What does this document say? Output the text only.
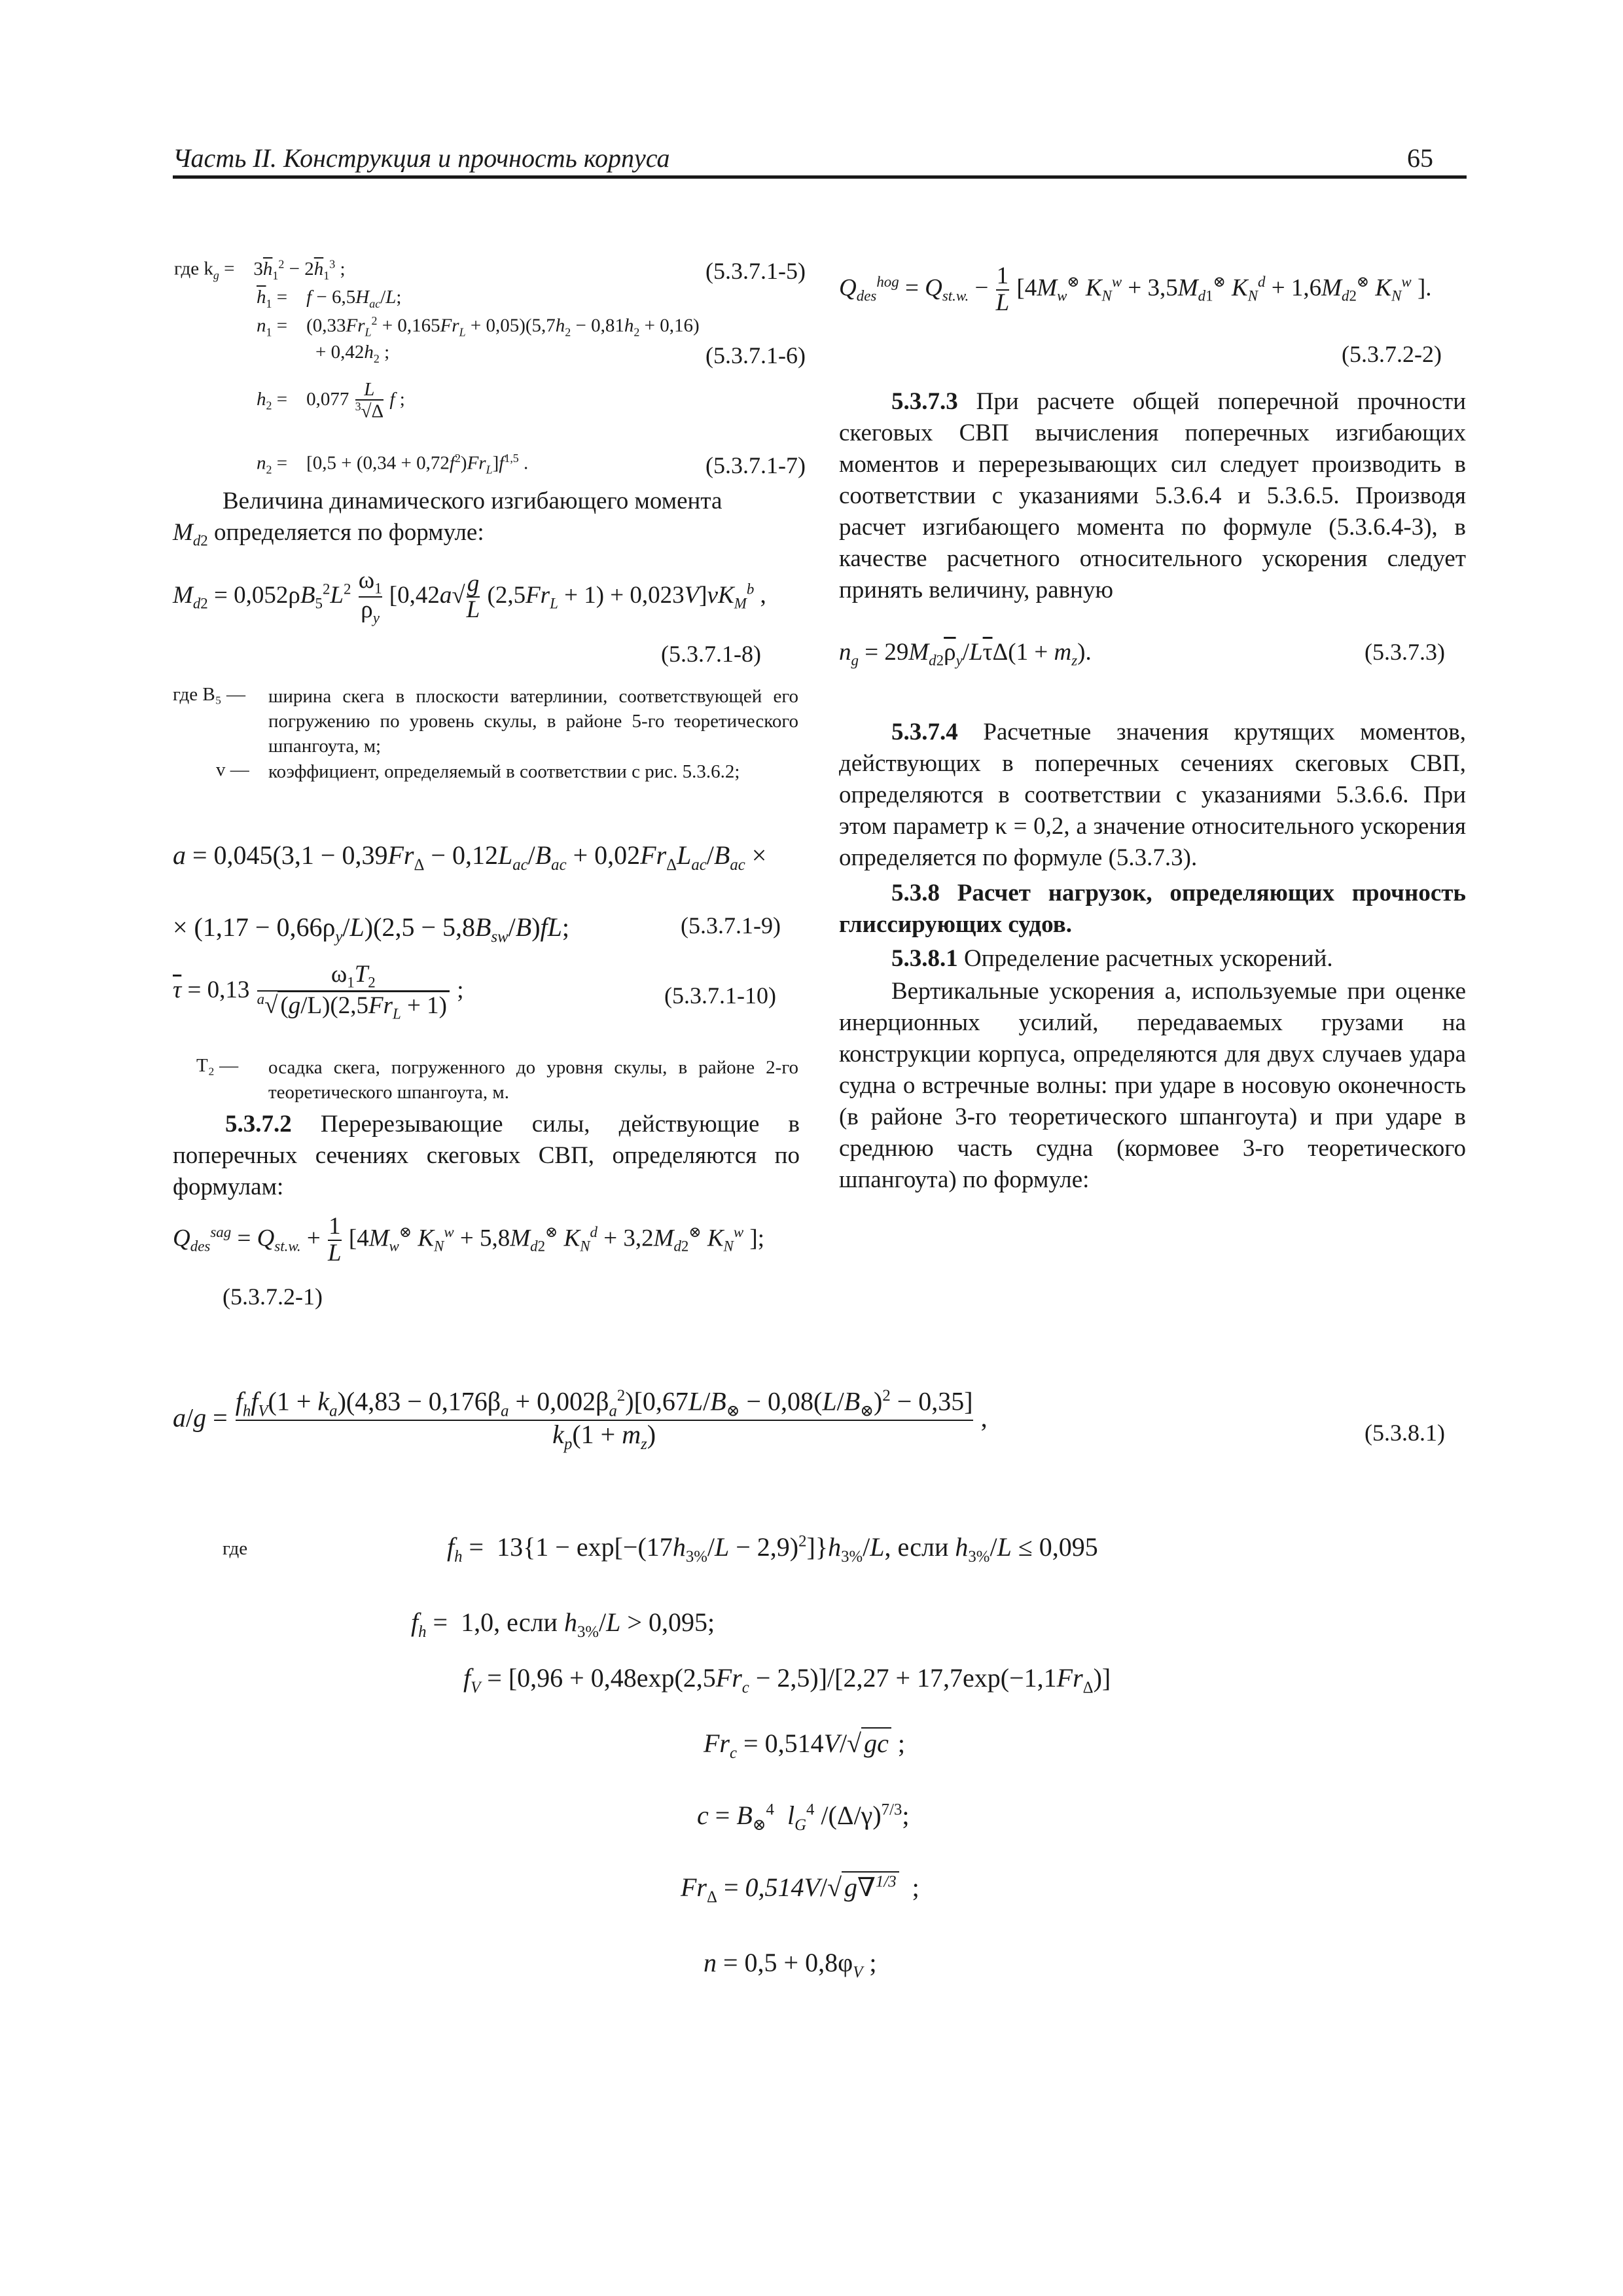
Часть II. Конструкция и прочность корпуса	65
где $k_g$ =    $3\overline{h}_1^2 - 2\overline{h}_1^3$ ;	(5.3.7.1-5)
$\overline{h}_1$ =    $f - 6,5H_{ac}/L$;
$n_1$ =    $(0,33Fr_L^2 + 0,165Fr_L + 0,05)(5,7h_2 - 0,81h_2 + 0,16)$
+ $0,42h_2$ ;	(5.3.7.1-6)
$h_2$ =    $0,077 \frac{L}{^3√\Delta}$ f ;
$n_2$ =    $[0,5 + (0,34 + 0,72f^2)Fr_L]f^{1,5}$ .	(5.3.7.1-7)
Величина динамического изгибающего момента
$M_{d2}$ определяется по формуле:
$M_{d2} = 0,052\rho B_5^2L^2 \frac{\omega_1}{\rho_y} [0,42a√ \frac{g}{L} (2,5Fr_L + 1) + 0,023V]vK_M^b$ ,
(5.3.7.1-8)
где B₅ — ширина скега в плоскости ватерлинии, соответствующей его погружению по уровень скулы, в районе 5-го теоретического шпангоута, м;
v — коэффициент, определяемый в соответствии с рис. 5.3.6.2;
$a = 0,045(3,1 - 0,39Fr_\Delta - 0,12L_{ac}/B_{ac} + 0,02Fr_\Delta L_{ac}/B_{ac}$ ×
× $(1,17 - 0,66\rho_y/L)(2,5 - 5,8B_{sw}/B)fL$;	(5.3.7.1-9)
$\overline{\tau} = 0,13 \frac{\omega_1T_2}{^a√ (g/L)(2,5Fr_L + 1)}$ ;	(5.3.7.1-10)
T₂ — осадка скега, погруженного до уровня скулы, в районе 2-го теоретического шпангоута, м.

5.3.7.2 Перерезывающие силы, действующие в поперечных сечениях скеговых СВП, определяются по формулам:

$Q_{des}^{sag} = Q_{st.w.} + \frac{1}{L} [4M_w^\otimes$ $K_N^w + 5,8M_{d2}^\otimes$ $K_N^d + 3,2M_{d2}^\otimes$ $K_N^w$ ];
(5.3.7.2-1)
$Q_{des}^{hog} = Q_{st.w.} - \frac{1}{L} [4M_w^\otimes$ $K_N^w + 3,5M_{d1}^\otimes$ $K_N^d + 1,6M_{d2}^\otimes$ $K_N^w$ ].
(5.3.7.2-2)

5.3.7.3 При расчете общей поперечной прочности скеговых СВП вычисления поперечных изгибающих моментов и перерезывающих сил следует производить в соответствии с указаниями 5.3.6.4 и 5.3.6.5. Производя расчет изгибающего момента по формуле (5.3.6.4-3), в качестве расчетного относительного ускорения следует принять величину, равную

$n_g = 29M_{d2}\overline{\rho}_y/L\overline{\tau}\Delta(1 + m_z)$.	(5.3.7.3)

5.3.7.4 Расчетные значения крутящих моментов, действующих в поперечных сечениях скеговых СВП, определяются в соответствии с указаниями 5.3.6.6. При этом параметр κ = 0,2, а значение относительного ускорения определяется по формуле (5.3.7.3).

5.3.8 Расчет нагрузок, определяющих прочность глиссирующих судов.

5.3.8.1 Определение расчетных ускорений.

Вертикальные ускорения a, используемые при оценке инерционных усилий, передаваемых грузами на конструкции корпуса, определяются для двух случаев удара судна о встречные волны: при ударе в носовую оконечность (в районе 3-го теоретического шпангоута) и при ударе в среднюю часть судна (кормовее 3-го теоретического шпангоута) по формуле:

a/g =
$f_hf_V(1 + k_a)(4,83 - 0,176\beta_a + 0,002\beta_a^2)[0,67L/B_\otimes - 0,08(L/B_\otimes)^2 - 0,35]$
$k_p(1 + m_z)$
,
(5.3.8.1)
где	$f_h = 13\{1 - \exp[-(17h_{3\%}/L - 2,9)^2]\}h_{3\%}/L$, если $h_{3\%}/L \le 0,095$
$f_h = 1,0$, если $h_{3\%}/L > 0,095$;
$f_V = [0,96 + 0,48\exp(2,5Fr_c - 2,5)]/[2,27 + 17,7\exp(-1,1Fr_\Delta)]$
$Fr_c = 0,514V/√$ gc ;
$c = B_\otimes^4$ $l_G^4$ $/(\Delta/\gamma)^{7/3}$;
$Fr_\Delta = 0,514V/√$ g∇$^{1/3}$  ;
$n = 0,5 + 0,8\varphi_V$ ;
